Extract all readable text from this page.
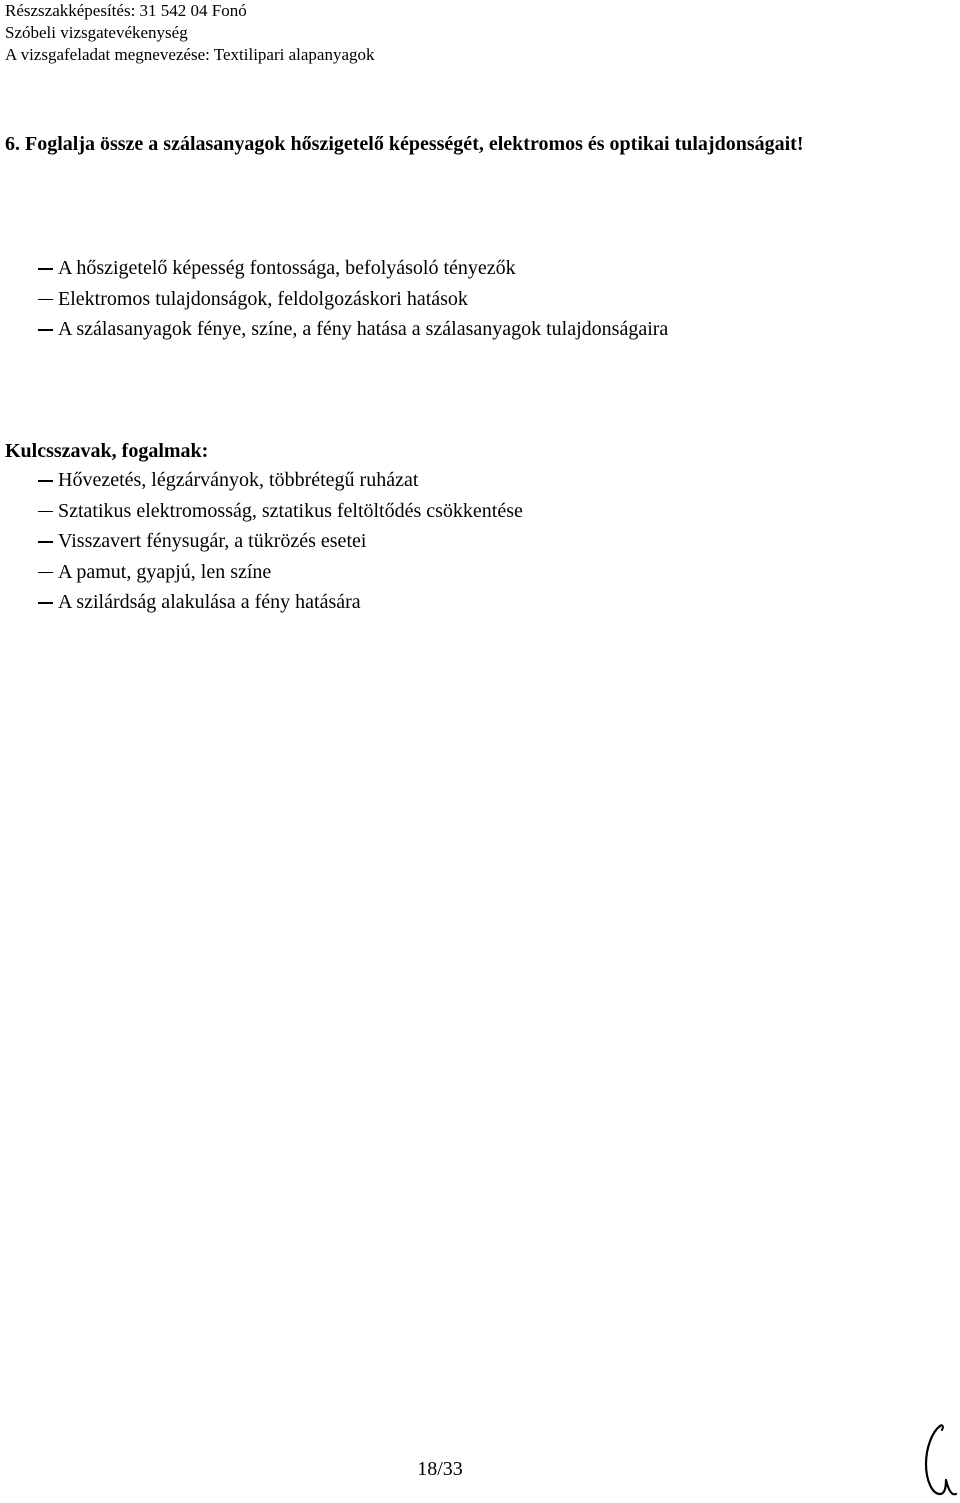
Részszakképesítés: 31 542 04 Fonó
Szóbeli vizsgatevékenység
A vizsgafeladat megnevezése: Textilipari alapanyagok
6. Foglalja össze a szálasanyagok hőszigetelő képességét, elektromos és optikai tulajdonságait!
A hőszigetelő képesség fontossága, befolyásoló tényezők
Elektromos tulajdonságok, feldolgozáskori hatások
A szálasanyagok fénye, színe, a fény hatása a szálasanyagok tulajdonságaira
Kulcsszavak, fogalmak:
Hővezetés, légzárványok, többrétegű ruházat
Sztatikus elektromosság, sztatikus feltöltődés csökkentése
Visszavert fénysugár, a tükrözés esetei
A pamut, gyapjú, len színe
A szilárdság alakulása a fény hatására
18/33
